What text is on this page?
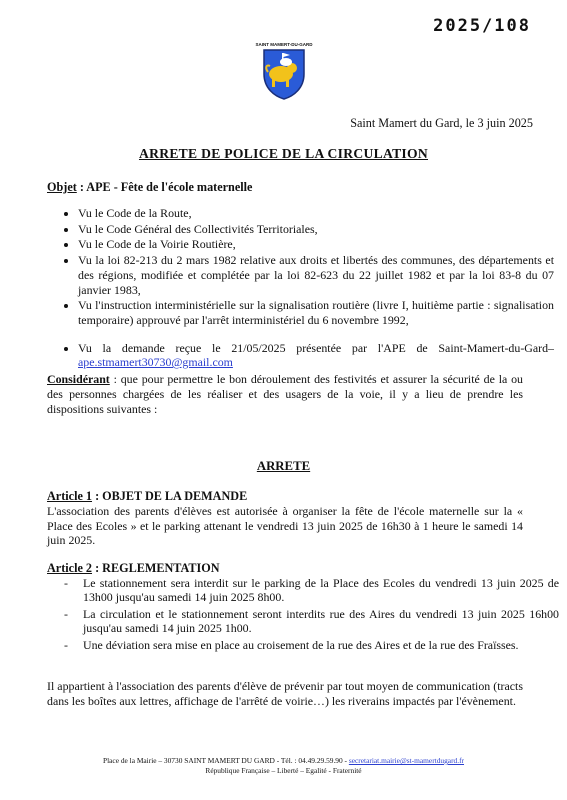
2025/108
SAINT MAMERT-DU-GARD
Saint Mamert du Gard, le 3 juin 2025
ARRETE DE POLICE DE LA CIRCULATION
Objet : APE - Fête de l'école maternelle
• Vu le Code de la Route,
• Vu le Code Général des Collectivités Territoriales,
• Vu le Code de la Voirie Routière,
• Vu la loi 82-213 du 2 mars 1982 relative aux droits et libertés des communes, des départements et des régions, modifiée et complétée par la loi 82-623 du 22 juillet 1982 et par la loi 83-8 du 07 janvier 1983,
• Vu l'instruction interministérielle sur la signalisation routière (livre I, huitième partie : signalisation temporaire) approuvé par l'arrêt interministériel du 6 novembre 1992,
• Vu la demande reçue le 21/05/2025 présentée par l'APE de Saint-Mamert-du-Gard– ape.stmamert30730@gmail.com
Considérant : que pour permettre le bon déroulement des festivités et assurer la sécurité de la ou des personnes chargées de les réaliser et des usagers de la voie, il y a lieu de prendre les dispositions suivantes :
ARRETE
Article 1 : OBJET DE LA DEMANDE
L'association des parents d'élèves est autorisée à organiser la fête de l'école maternelle sur la « Place des Ecoles » et le parking attenant le vendredi 13 juin 2025 de 16h30 à 1 heure le samedi 14 juin 2025.
Article 2 : REGLEMENTATION
- Le stationnement sera interdit sur le parking de la Place des Ecoles du vendredi 13 juin 2025 de 13h00 jusqu'au samedi 14 juin 2025 8h00.
- La circulation et le stationnement seront interdits rue des Aires du vendredi 13 juin 2025 16h00 jusqu'au samedi 14 juin 2025 1h00.
- Une déviation sera mise en place au croisement de la rue des Aires et de la rue des Fraïsses.
Il appartient à l'association des parents d'élève de prévenir par tout moyen de communication (tracts dans les boîtes aux lettres, affichage de l'arrêté de voirie…) les riverains impactés par l'évènement.
Place de la Mairie – 30730 SAINT MAMERT DU GARD - Tél. : 04.49.29.59.90 - secretariat.mairie@st-mamertdugard.fr
République Française – Liberté – Egalité - Fraternité
